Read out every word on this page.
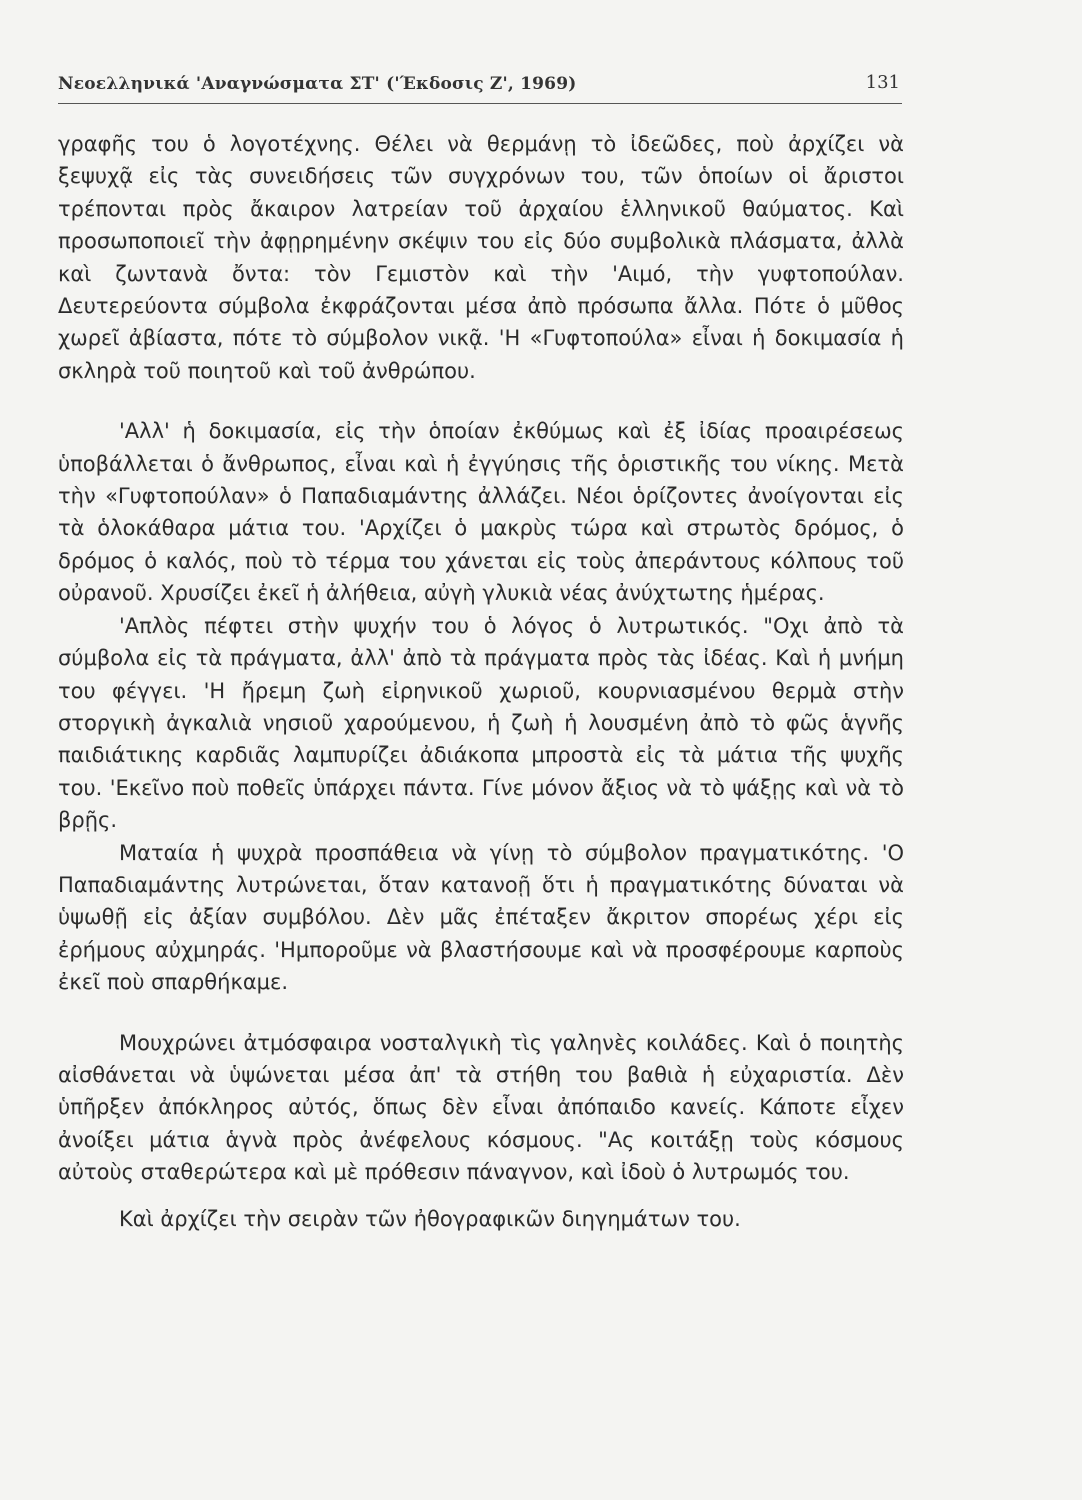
Νεοελληνικά 'Αναγνώσματα ΣΤ' ('Έκδοσις Ζ', 1969)	131

γραφῆς του ὁ λογοτέχνης. Θέλει νὰ θερμάνῃ τὸ ἰδεῶδες, ποὺ ἀρχίζει νὰ ξεψυχᾷ εἰς τὰς συνειδήσεις τῶν συγχρόνων του, τῶν ὁποίων οἱ ἄριστοι τρέπονται πρὸς ἄκαιρον λατρείαν τοῦ ἀρχαίου ἑλληνικοῦ θαύματος. Καὶ προσωποποιεῖ τὴν ἀφῃρημένην σκέψιν του εἰς δύο συμβολικὰ πλάσματα, ἀλλὰ καὶ ζωντανὰ ὄντα: τὸν Γεμιστὸν καὶ τὴν 'Αιμό, τὴν γυφτοπούλαν. Δευτερεύοντα σύμβολα ἐκφράζονται μέσα ἀπὸ πρόσωπα ἄλλα. Πότε ὁ μῦθος χωρεῖ ἀβίαστα, πότε τὸ σύμβολον νικᾷ. 'Η «Γυφτοπούλα» εἶναι ἡ δοκιμασία ἡ σκληρὰ τοῦ ποιητοῦ καὶ τοῦ ἀνθρώπου.

'Αλλ' ἡ δοκιμασία, εἰς τὴν ὁποίαν ἐκθύμως καὶ ἐξ ἰδίας προαιρέσεως ὑποβάλλεται ὁ ἄνθρωπος, εἶναι καὶ ἡ ἐγγύησις τῆς ὁριστικῆς του νίκης. Μετὰ τὴν «Γυφτοπούλαν» ὁ Παπαδιαμάντης ἀλλάζει. Νέοι ὁρίζοντες ἀνοίγονται εἰς τὰ ὁλοκάθαρα μάτια του. 'Αρχίζει ὁ μακρὺς τώρα καὶ στρωτὸς δρόμος, ὁ δρόμος ὁ καλός, ποὺ τὸ τέρμα του χάνεται εἰς τοὺς ἀπεράντους κόλπους τοῦ οὐρανοῦ. Χρυσίζει ἐκεῖ ἡ ἀλήθεια, αὐγὴ γλυκιὰ νέας ἀνύχτωτης ἡμέρας.

'Απλὸς πέφτει στὴν ψυχήν του ὁ λόγος ὁ λυτρωτικός. "Οχι ἀπὸ τὰ σύμβολα εἰς τὰ πράγματα, ἀλλ' ἀπὸ τὰ πράγματα πρὸς τὰς ἰδέας. Καὶ ἡ μνήμη του φέγγει. 'Η ἤρεμη ζωὴ εἰρηνικοῦ χωριοῦ, κουρνιασμένου θερμὰ στὴν στοργικὴ ἀγκαλιὰ νησιοῦ χαρούμενου, ἡ ζωὴ ἡ λουσμένη ἀπὸ τὸ φῶς ἁγνῆς παιδιάτικης καρδιᾶς λαμπυρίζει ἀδιάκοπα μπροστὰ εἰς τὰ μάτια τῆς ψυχῆς του. 'Εκεῖνο ποὺ ποθεῖς ὑπάρχει πάντα. Γίνε μόνον ἄξιος νὰ τὸ ψάξῃς καὶ νὰ τὸ βρῇς.

Ματαία ἡ ψυχρὰ προσπάθεια νὰ γίνῃ τὸ σύμβολον πραγματικότης. 'Ο Παπαδιαμάντης λυτρώνεται, ὅταν κατανοῇ ὅτι ἡ πραγματικότης δύναται νὰ ὑψωθῇ εἰς ἀξίαν συμβόλου. Δὲν μᾶς ἐπέταξεν ἄκριτον σπορέως χέρι εἰς ἐρήμους αὐχμηράς. 'Ημποροῦμε νὰ βλαστήσουμε καὶ νὰ προσφέρουμε καρποὺς ἐκεῖ ποὺ σπαρθήκαμε.

Μουχρώνει ἀτμόσφαιρα νοσταλγικὴ τὶς γαληνὲς κοιλάδες. Καὶ ὁ ποιητὴς αἰσθάνεται νὰ ὑψώνεται μέσα ἀπ' τὰ στήθη του βαθιὰ ἡ εὐχαριστία. Δὲν ὑπῆρξεν ἀπόκληρος αὐτός, ὅπως δὲν εἶναι ἀπόπαιδο κανείς. Κάποτε εἶχεν ἀνοίξει μάτια ἁγνὰ πρὸς ἀνέφελους κόσμους. "Ας κοιτάξῃ τοὺς κόσμους αὐτοὺς σταθερώτερα καὶ μὲ πρόθεσιν πάναγνον, καὶ ἰδοὺ ὁ λυτρωμός του.

Καὶ ἀρχίζει τὴν σειρὰν τῶν ἠθογραφικῶν διηγημάτων του.
